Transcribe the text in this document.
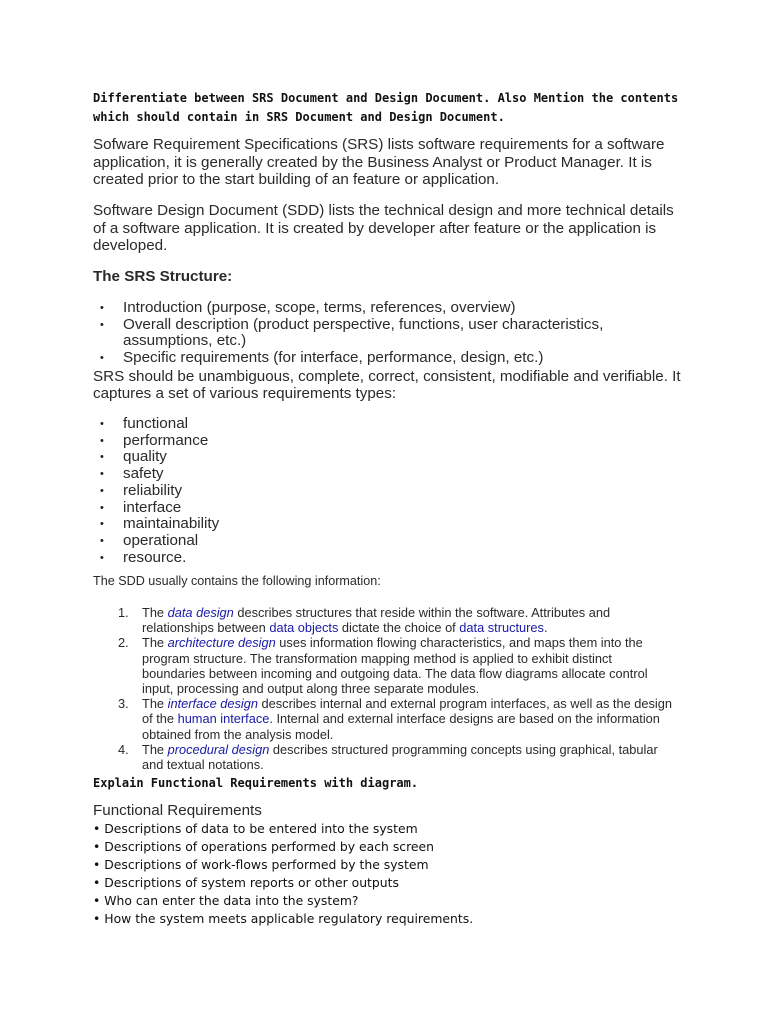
Differentiate between SRS Document and Design Document. Also Mention the contents which should contain in SRS Document and Design Document.
Sofware Requirement Specifications (SRS) lists software requirements for a software application, it is generally created by the Business Analyst or Product Manager. It is created prior to the start building of an feature or application.
Software Design Document (SDD) lists the technical design and more technical details of a software application. It is created by developer after feature or the application is developed.
The SRS Structure:
• Introduction (purpose, scope, terms, references, overview)
• Overall description (product perspective, functions, user characteristics, assumptions, etc.)
• Specific requirements (for interface, performance, design, etc.)
SRS should be unambiguous, complete, correct, consistent, modifiable and verifiable. It captures a set of various requirements types:
• functional
• performance
• quality
• safety
• reliability
• interface
• maintainability
• operational
• resource.
The SDD usually contains the following information:
1. The data design describes structures that reside within the software. Attributes and relationships between data objects dictate the choice of data structures.
2. The architecture design uses information flowing characteristics, and maps them into the program structure. The transformation mapping method is applied to exhibit distinct boundaries between incoming and outgoing data. The data flow diagrams allocate control input, processing and output along three separate modules.
3. The interface design describes internal and external program interfaces, as well as the design of the human interface. Internal and external interface designs are based on the information obtained from the analysis model.
4. The procedural design describes structured programming concepts using graphical, tabular and textual notations.
Explain Functional Requirements with diagram.
Functional Requirements
• Descriptions of data to be entered into the system
• Descriptions of operations performed by each screen
• Descriptions of work-flows performed by the system
• Descriptions of system reports or other outputs
• Who can enter the data into the system?
• How the system meets applicable regulatory requirements.
